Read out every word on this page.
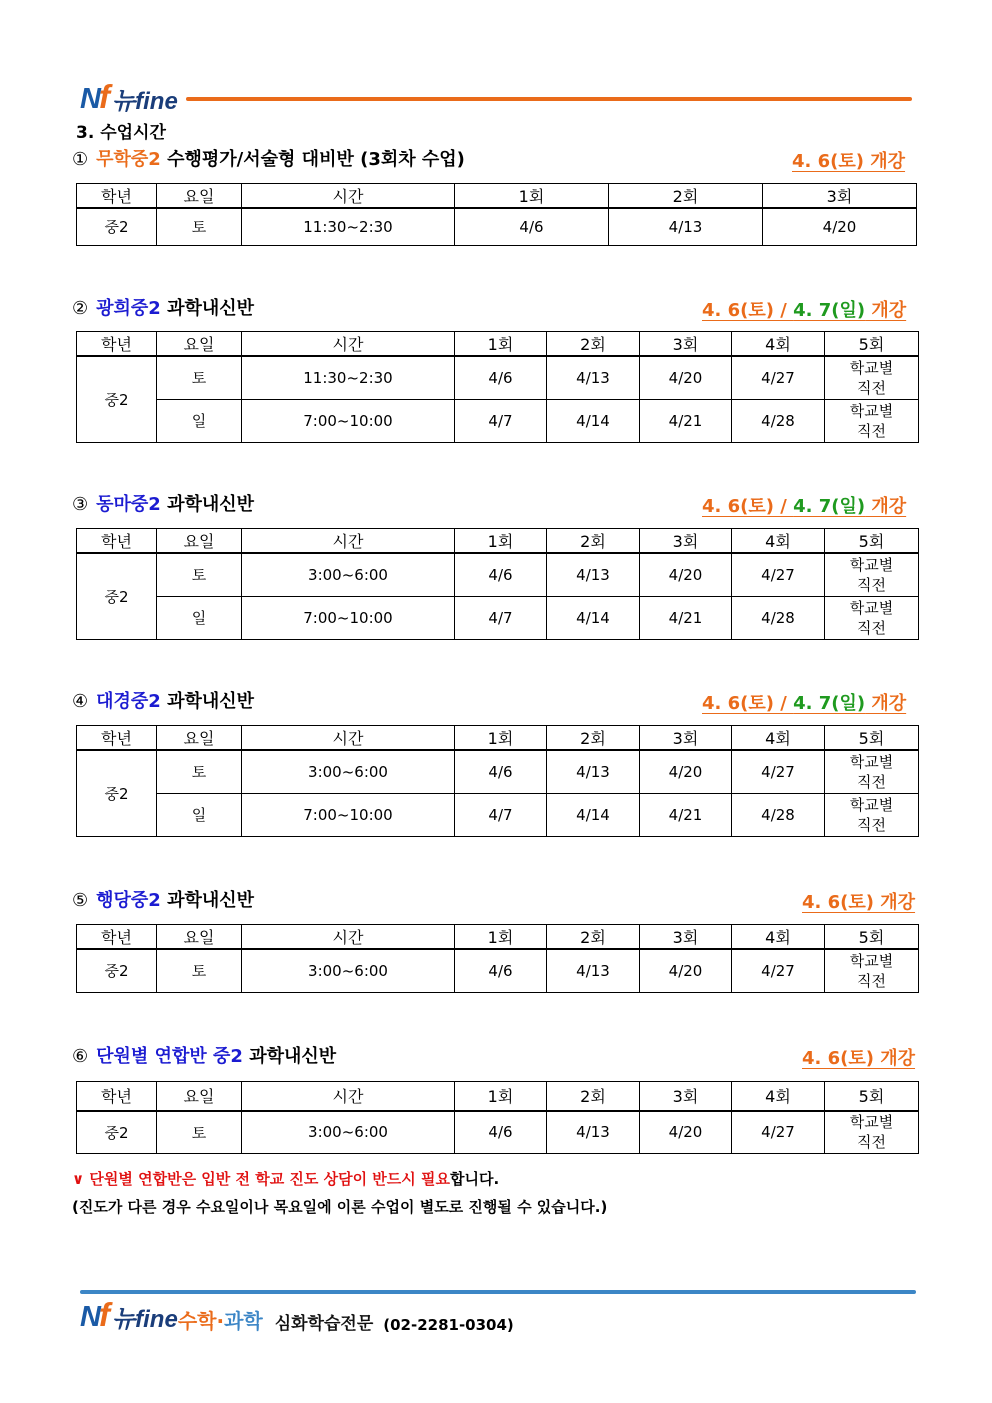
Nf 뉴fine
3. 수업시간
① 무학중2 수행평가/서술형 대비반 (3회차 수업)	4. 6(토) 개강
학년	요일	시간	1회	2회	3회
중2	토	11:30~2:30	4/6	4/13	4/20
② 광희중2 과학내신반	4. 6(토) / 4. 7(일) 개강
학년	요일	시간	1회	2회	3회	4회	5회
중2	토	11:30~2:30	4/6	4/13	4/20	4/27	학교별
직전

	일	7:00~10:00	4/7	4/14	4/21	4/28	학교별
직전
③ 동마중2 과학내신반	4. 6(토) / 4. 7(일) 개강
학년	요일	시간	1회	2회	3회	4회	5회
중2	토	3:00~6:00	4/6	4/13	4/20	4/27	학교별
직전

	일	7:00~10:00	4/7	4/14	4/21	4/28	학교별
직전
④ 대경중2 과학내신반	4. 6(토) / 4. 7(일) 개강
학년	요일	시간	1회	2회	3회	4회	5회
중2	토	3:00~6:00	4/6	4/13	4/20	4/27	학교별
직전

	일	7:00~10:00	4/7	4/14	4/21	4/28	학교별
직전
⑤ 행당중2 과학내신반	4. 6(토) 개강
학년	요일	시간	1회	2회	3회	4회	5회
중2	토	3:00~6:00	4/6	4/13	4/20	4/27	학교별
직전
⑥ 단원별 연합반 중2 과학내신반	4. 6(토) 개강
학년	요일	시간	1회	2회	3회	4회	5회
중2	토	3:00~6:00	4/6	4/13	4/20	4/27	학교별
직전
∨ 단원별 연합반은 입반 전 학교 진도 상담이 반드시 필요합니다.
(진도가 다른 경우 수요일이나 목요일에 이론 수업이 별도로 진행될 수 있습니다.)
Nf 뉴fine 수학·과학 심화학습전문 (02-2281-0304)
